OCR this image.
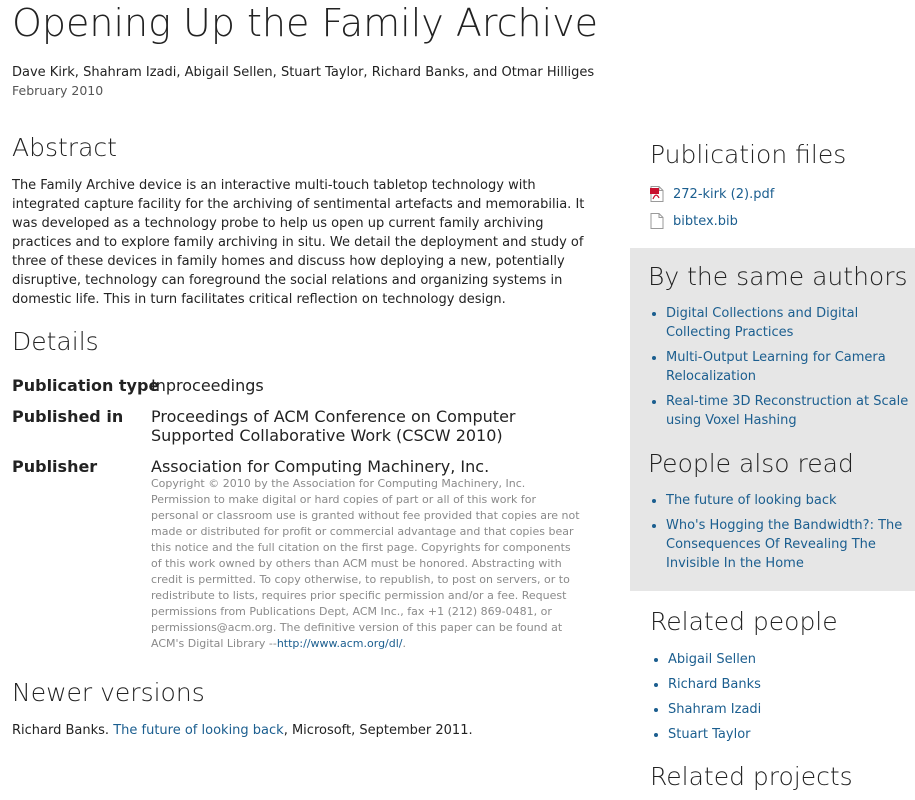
Opening Up the Family Archive
Dave Kirk, Shahram Izadi, Abigail Sellen, Stuart Taylor, Richard Banks, and Otmar Hilliges
February 2010
Abstract
The Family Archive device is an interactive multi-touch tabletop technology with integrated capture facility for the archiving of sentimental artefacts and memorabilia. It was developed as a technology probe to help us open up current family archiving practices and to explore family archiving in situ. We detail the deployment and study of three of these devices in family homes and discuss how deploying a new, potentially disruptive, technology can foreground the social relations and organizing systems in domestic life. This in turn facilitates critical reflection on technology design.
Details
Publication type
Inproceedings
Published in Proceedings of ACM Conference on Computer Supported Collaborative Work (CSCW 2010)
Publisher	Association for Computing Machinery, Inc.
Copyright © 2010 by the Association for Computing Machinery, Inc. Permission to make digital or hard copies of part or all of this work for personal or classroom use is granted without fee provided that copies are not made or distributed for profit or commercial advantage and that copies bear this notice and the full citation on the first page. Copyrights for components of this work owned by others than ACM must be honored. Abstracting with credit is permitted. To copy otherwise, to republish, to post on servers, or to redistribute to lists, requires prior specific permission and/or a fee. Request permissions from Publications Dept, ACM Inc., fax +1 (212) 869-0481, or permissions@acm.org. The definitive version of this paper can be found at ACM's Digital Library --http://www.acm.org/dl/.
Newer versions
Richard Banks. The future of looking back, Microsoft, September 2011.
Publication files
272-kirk (2).pdf
bibtex.bib
By the same authors
• Digital Collections and Digital Collecting Practices
• Multi-Output Learning for Camera Relocalization
• Real-time 3D Reconstruction at Scale using Voxel Hashing
People also read
• The future of looking back
• Who's Hogging the Bandwidth?: The Consequences Of Revealing The Invisible In the Home
Related people
• Abigail Sellen
• Richard Banks
• Shahram Izadi
• Stuart Taylor
Related projects
